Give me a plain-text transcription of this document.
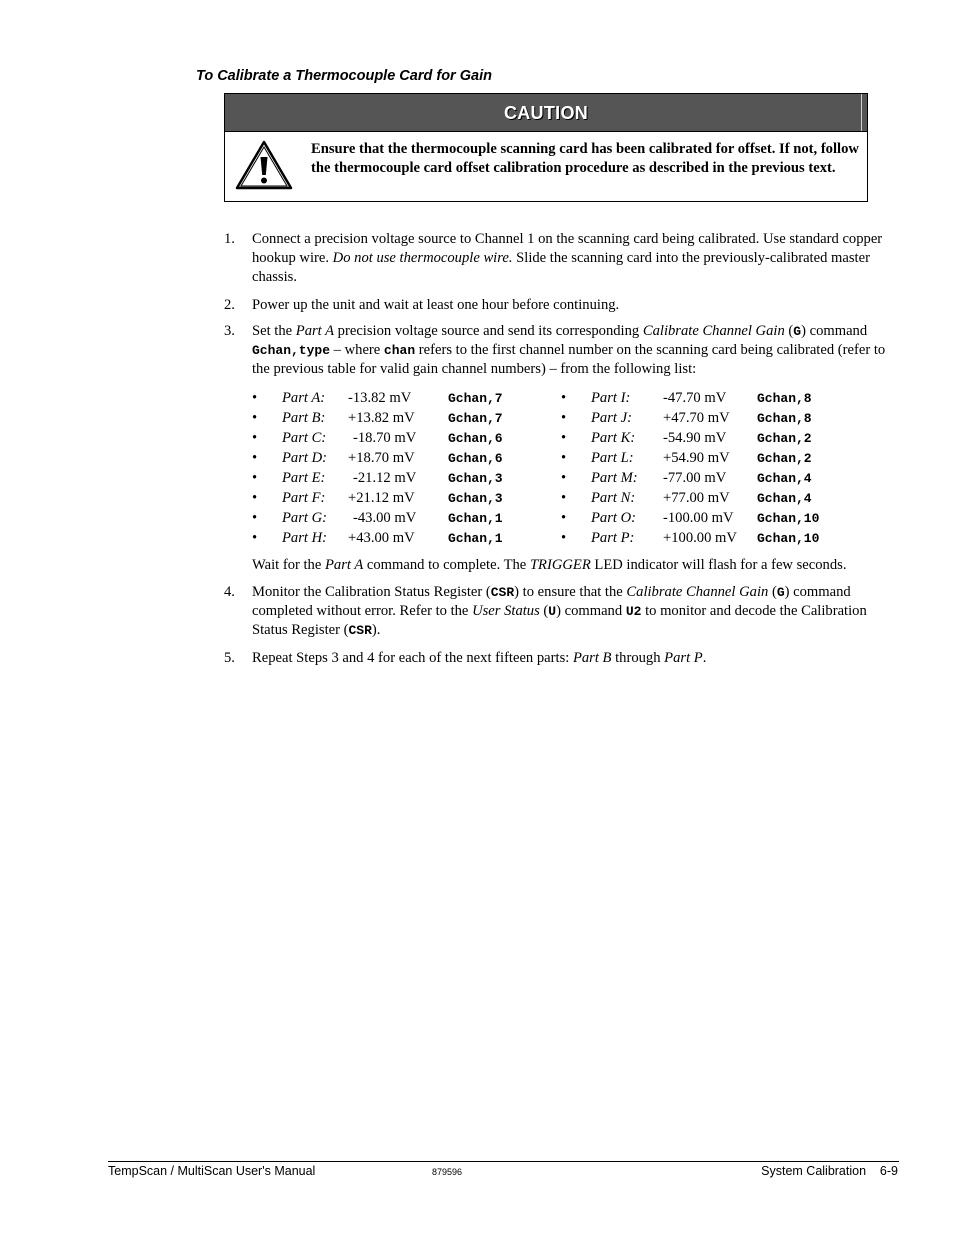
To Calibrate a Thermocouple Card for Gain
CAUTION
Ensure that the thermocouple scanning card has been calibrated for offset. If not, follow the thermocouple card offset calibration procedure as described in the previous text.
1. Connect a precision voltage source to Channel 1 on the scanning card being calibrated. Use standard copper hookup wire. Do not use thermocouple wire. Slide the scanning card into the previously-calibrated master chassis.
2. Power up the unit and wait at least one hour before continuing.
3. Set the Part A precision voltage source and send its corresponding Calibrate Channel Gain (G) command Gchan,type – where chan refers to the first channel number on the scanning card being calibrated (refer to the previous table for valid gain channel numbers) – from the following list:
• Part A: -13.82 mV	Gchan,7
• Part B: +13.82 mV	Gchan,7
• Part C: -18.70 mV Gchan,6
• Part D: +18.70 mV	Gchan,6
• Part E: -21.12 mV Gchan,3
• Part F: +21.12 mV	Gchan,3
• Part G: -43.00 mV Gchan,1
• Part H: +43.00 mV	Gchan,1
• Part I: -47.70 mV Gchan,8
• Part J: +47.70 mV Gchan,8
• Part K: -54.90 mV Gchan,2
• Part L: +54.90 mV Gchan,2
• Part M: -77.00 mV Gchan,4
• Part N: +77.00 mV Gchan,4
• Part O: -100.00 mV Gchan,10
• Part P: +100.00 mV Gchan,10
Wait for the Part A command to complete. The TRIGGER LED indicator will flash for a few seconds.
4. Monitor the Calibration Status Register (CSR) to ensure that the Calibrate Channel Gain (G) command completed without error. Refer to the User Status (U) command U2 to monitor and decode the Calibration Status Register (CSR).
5. Repeat Steps 3 and 4 for each of the next fifteen parts: Part B through Part P.
TempScan / MultiScan User's Manual	879596	System Calibration    6-9
